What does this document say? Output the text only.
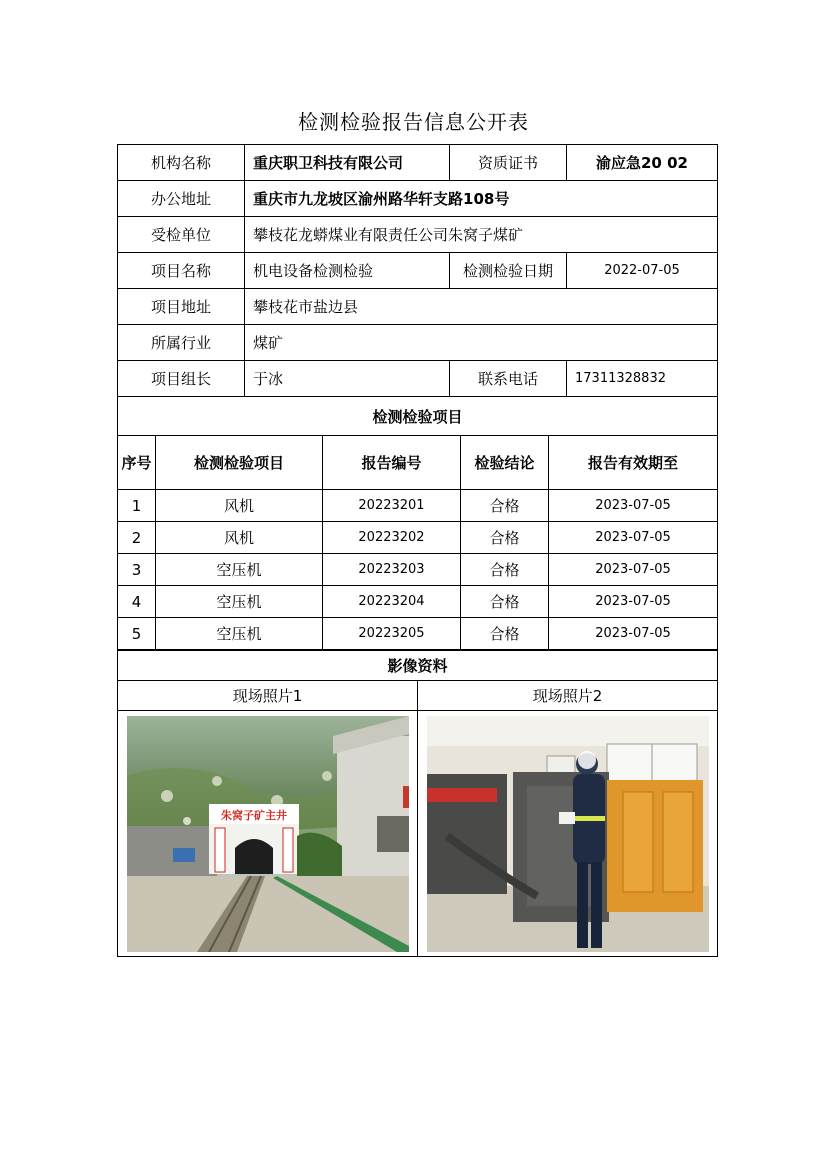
检测检验报告信息公开表
机构名称	重庆职卫科技有限公司	资质证书	渝应急20 02
办公地址	重庆市九龙坡区渝州路华轩支路108号		
受检单位	攀枝花龙蟒煤业有限责任公司朱窝子煤矿		
项目名称	机电设备检测检验	检测检验日期	2022-07-05
项目地址	攀枝花市盐边县		
所属行业	煤矿		
项目组长	于冰	联系电话	17311328832
检测检验项目				
序号	检测检验项目	报告编号	检验结论	报告有效期至
1	风机	20223201	合格	2023-07-05
2	风机	20223202	合格	2023-07-05
3	空压机	20223203	合格	2023-07-05
4	空压机	20223204	合格	2023-07-05
5	空压机	20223205	合格	2023-07-05
影像资料	
现场照片1	现场照片2

朱窝子矿主井
